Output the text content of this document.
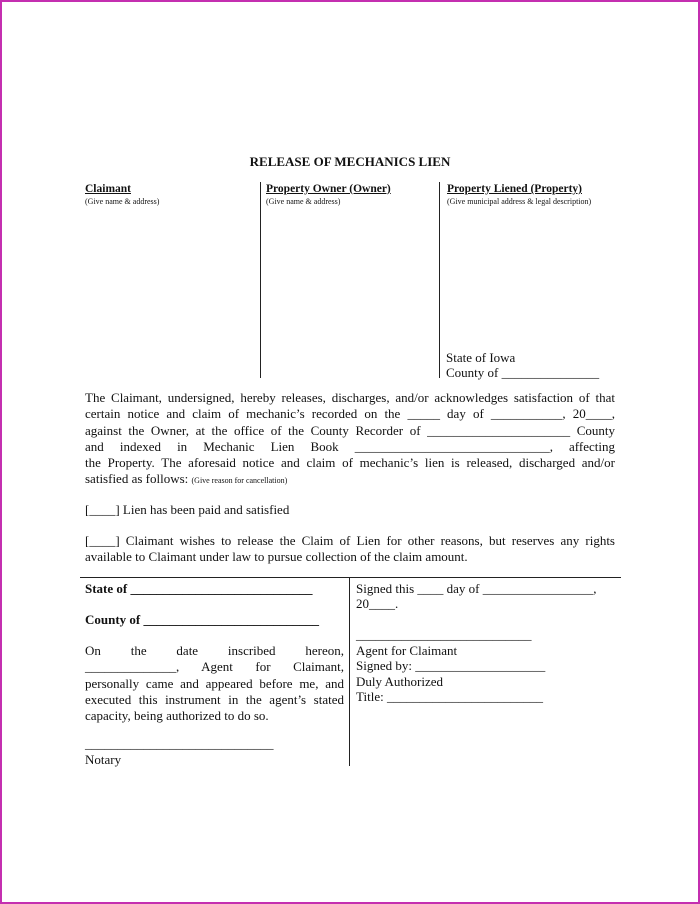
RELEASE OF MECHANICS LIEN
Claimant
(Give name & address)
Property Owner (Owner)
(Give name & address)
Property Liened (Property)
(Give municipal address & legal description)
State of Iowa
County of _______________
The Claimant, undersigned, hereby releases, discharges, and/or acknowledges satisfaction of that
certain notice and claim of mechanic’s recorded on the _____ day of ___________, 20____,
against the Owner, at the office of the County Recorder of ______________________ County
and indexed in Mechanic Lien Book ______________________________, affecting
the Property. The aforesaid notice and claim of mechanic’s lien is released, discharged and/or
satisfied as follows: (Give reason for cancellation)
[____] Lien has been paid and satisfied
[____] Claimant wishes to release the Claim of Lien for other reasons, but reserves any rights
available to Claimant under law to pursue collection of the claim amount.
State of ____________________________
County of ___________________________
On the date inscribed hereon,
______________, Agent for Claimant,
personally came and appeared before me, and
executed this instrument in the agent’s stated
capacity, being authorized to do so.
_____________________________
Notary
Signed this ____ day of _________________,
20____.
___________________________
Agent for Claimant
Signed by: ____________________
Duly Authorized
Title: ________________________
